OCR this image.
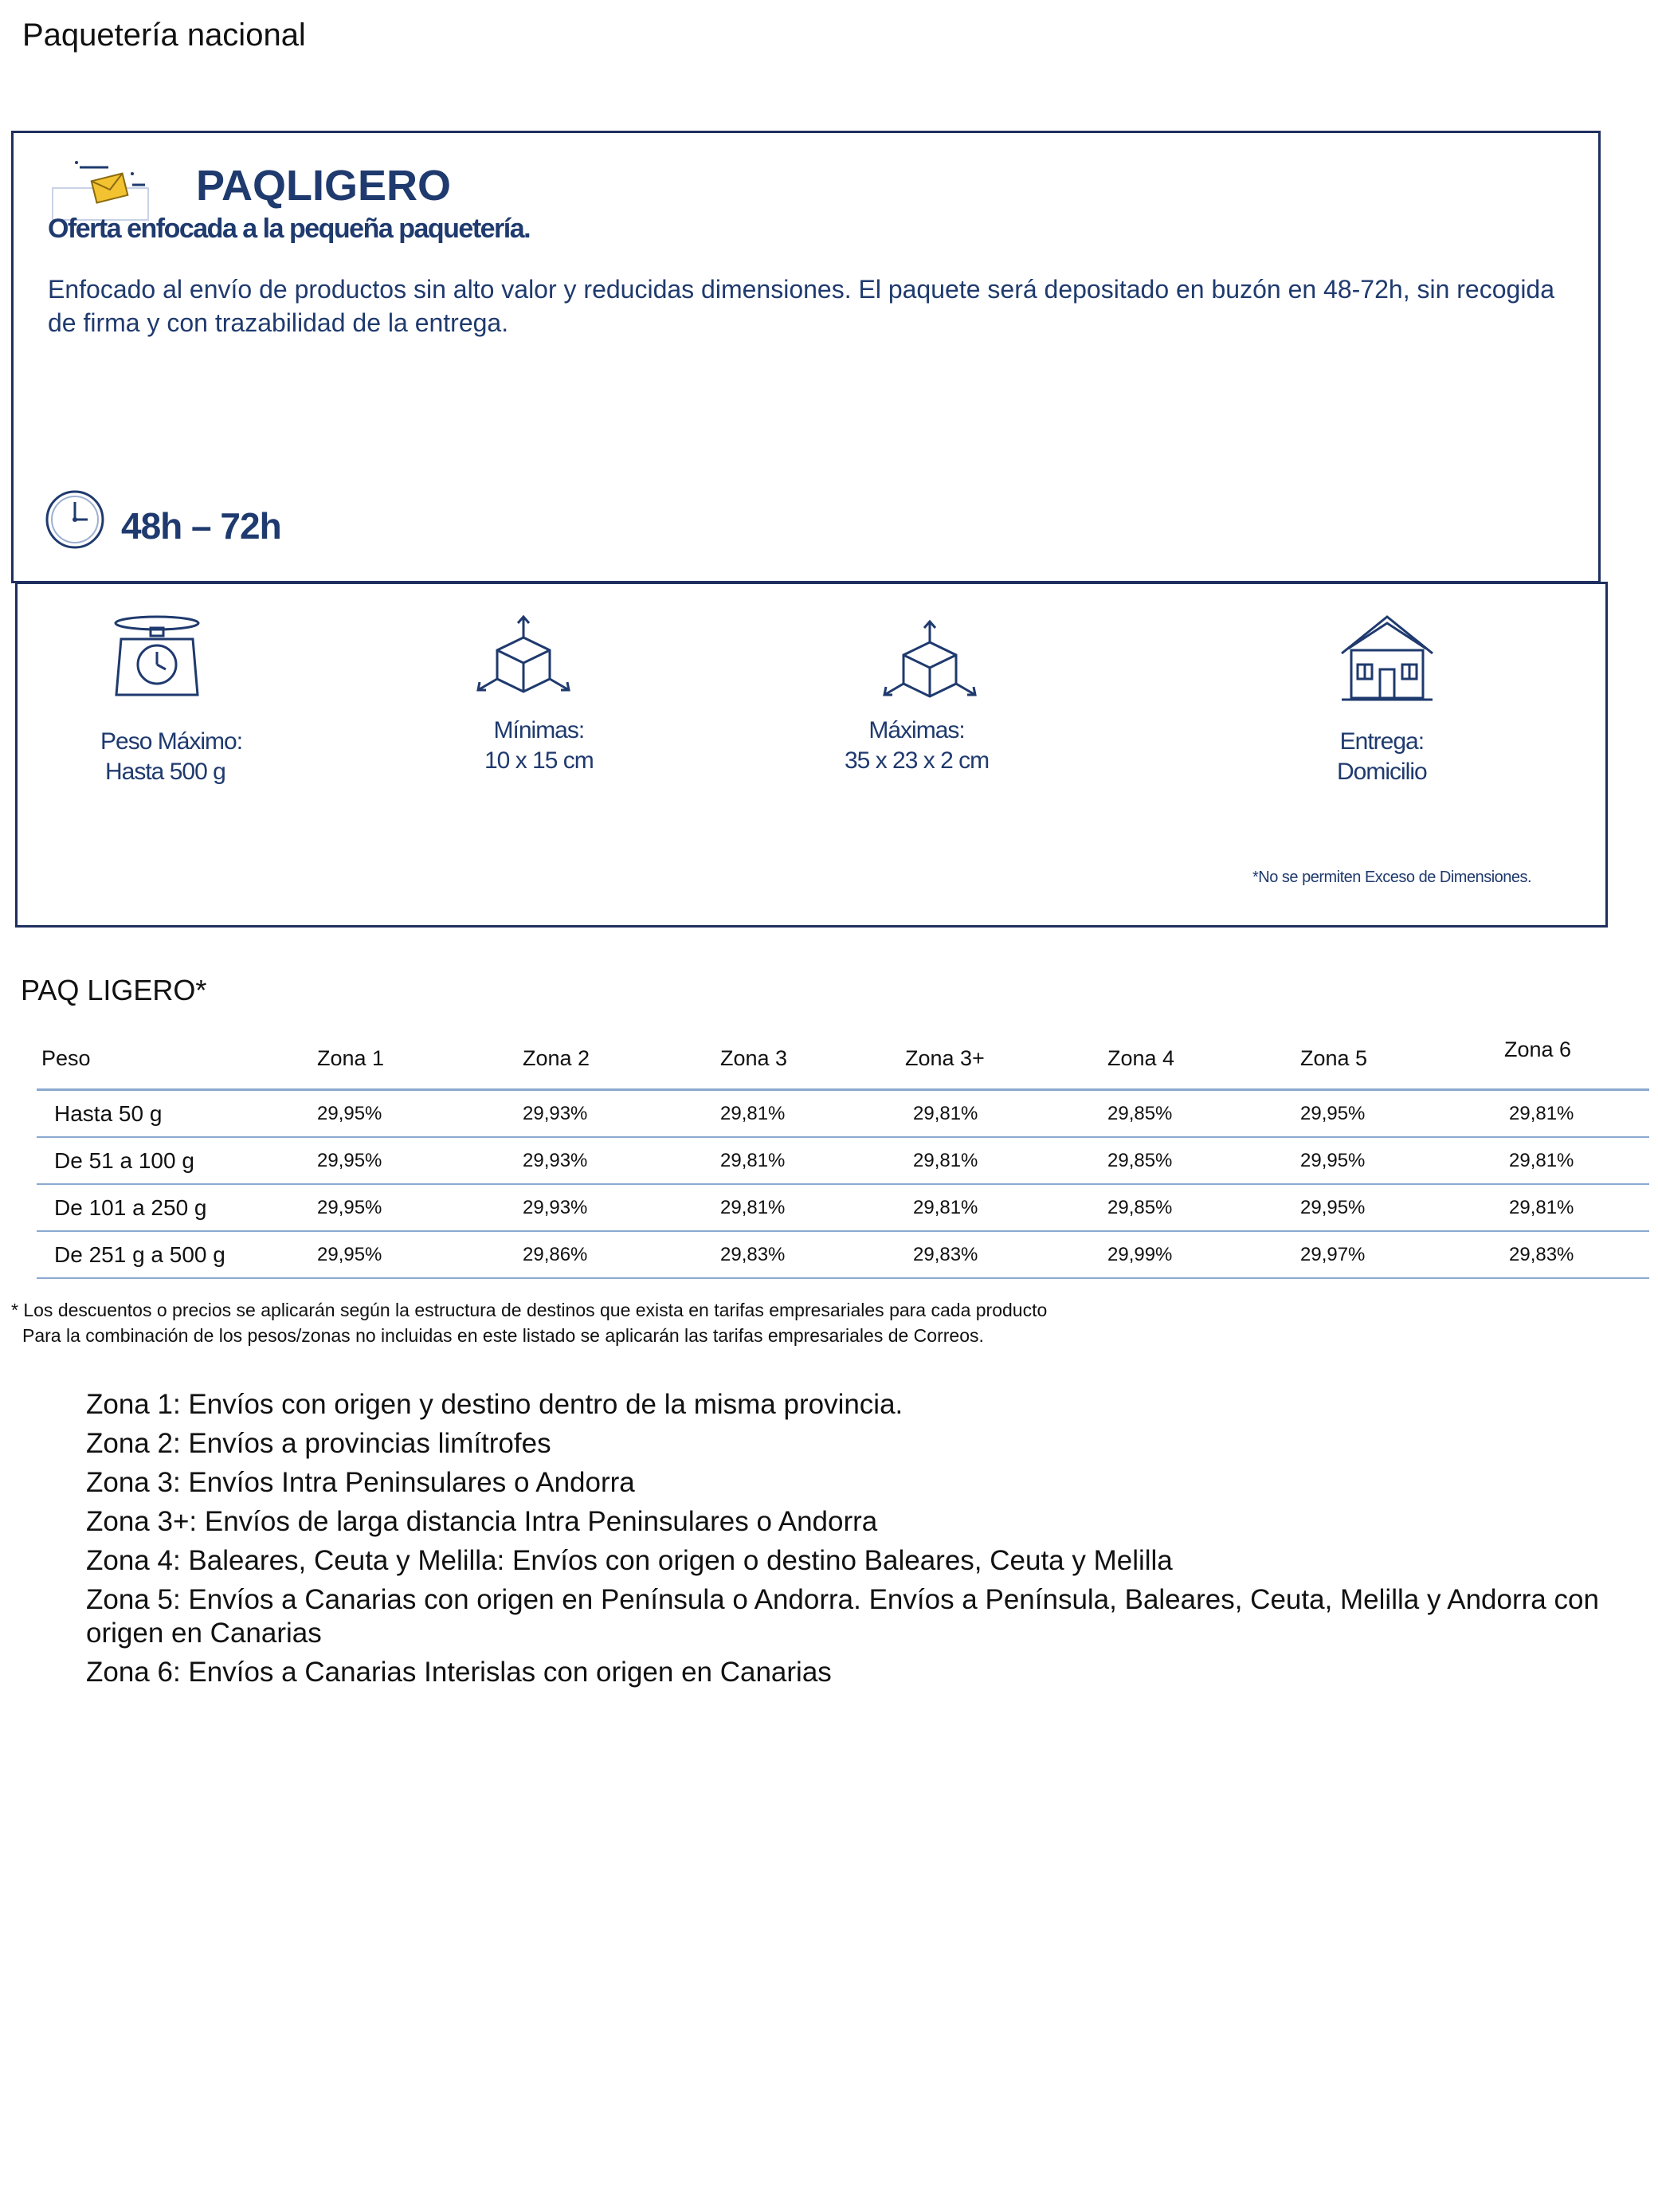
Paquetería nacional
PAQLIGERO
Oferta enfocada a la pequeña paquetería.
Enfocado al envío de productos sin alto valor y reducidas dimensiones. El paquete será depositado en buzón en 48-72h, sin recogida de firma y con trazabilidad de la entrega.
48h – 72h
Peso Máximo:
Hasta 500 g
Mínimas:
10 x 15 cm
Máximas:
35 x 23 x 2 cm
Entrega:
Domicilio
*No se permiten Exceso de Dimensiones.
PAQ LIGERO*
Peso	Zona 1	Zona 2	Zona 3	Zona 3+	Zona 4	Zona 5	Zona 6
Hasta 50 g	29,95%	29,93%	29,81%	29,81%	29,85%	29,95%	29,81%
De 51 a 100 g	29,95%	29,93%	29,81%	29,81%	29,85%	29,95%	29,81%
De 101 a 250 g	29,95%	29,93%	29,81%	29,81%	29,85%	29,95%	29,81%
De 251 g a 500 g	29,95%	29,86%	29,83%	29,83%	29,99%	29,97%	29,83%
* Los descuentos o precios se aplicarán según la estructura de destinos que exista en tarifas empresariales para cada producto
Para la combinación de los pesos/zonas no incluidas en este listado se aplicarán las tarifas empresariales de Correos.
Zona 1: Envíos con origen y destino dentro de la misma provincia.
Zona 2: Envíos a provincias limítrofes
Zona 3: Envíos Intra Peninsulares o Andorra
Zona 3+: Envíos de larga distancia Intra Peninsulares o Andorra
Zona 4: Baleares, Ceuta y Melilla: Envíos con origen o destino Baleares, Ceuta y Melilla
Zona 5: Envíos a Canarias con origen en Península o Andorra. Envíos a Península, Baleares, Ceuta, Melilla y Andorra con origen en Canarias
Zona 6: Envíos a Canarias Interislas con origen en Canarias
